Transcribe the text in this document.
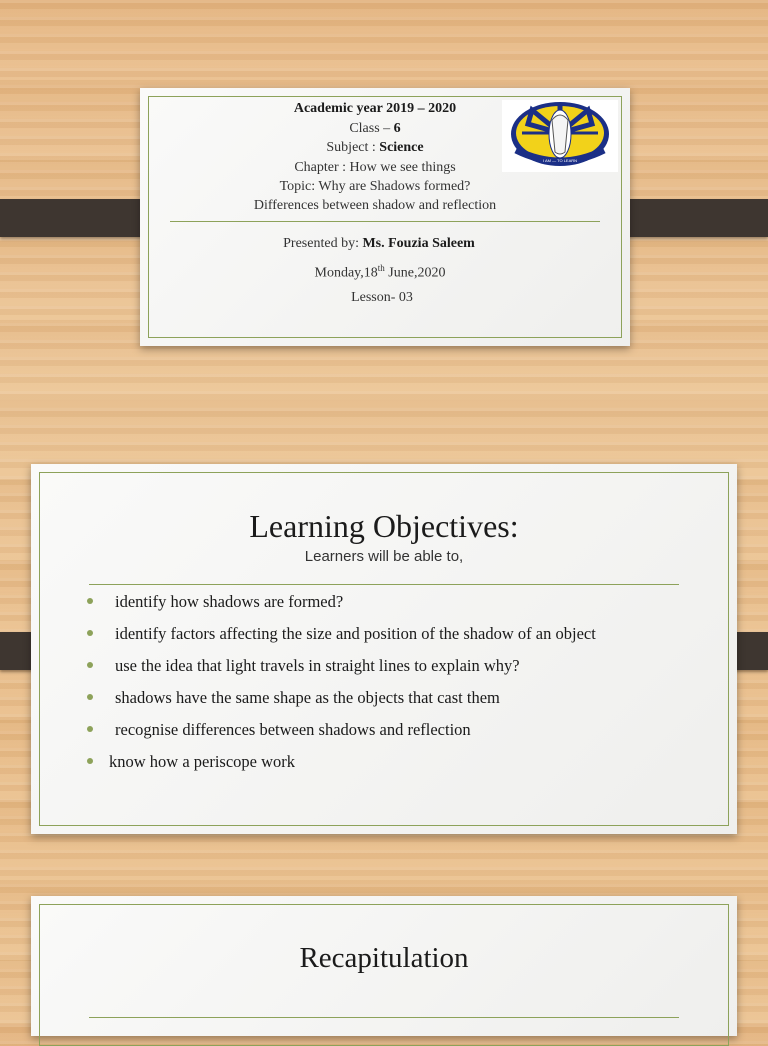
Academic year 2019 – 2020
Class – 6
Subject : Science
Chapter : How we see things
Topic: Why are Shadows formed?
Differences between shadow and reflection
Presented by: Ms. Fouzia Saleem
Monday,18th June,2020
Lesson- 03
I AM — TO LEARN
Learning Objectives:
Learners will be able to,
identify how shadows are formed?
identify factors affecting the size and position of the shadow of an object
use the idea that light travels in straight lines to explain why?
shadows have the same shape as the objects that cast them
recognise differences between shadows and reflection
know how a periscope work
Recapitulation
